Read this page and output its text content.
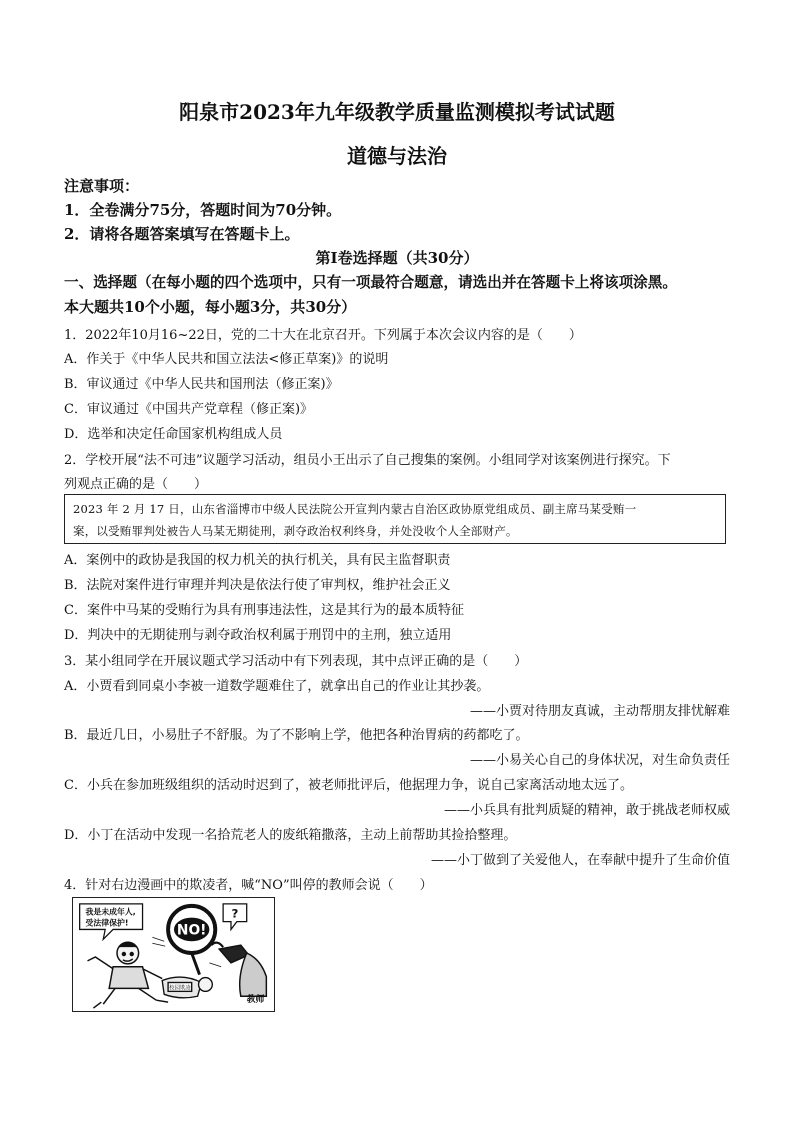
阳泉市2023年九年级教学质量监测模拟考试试题
道德与法治
注意事项：
1．全卷满分75分，答题时间为70分钟。
2．请将各题答案填写在答题卡上。
第Ⅰ卷选择题（共30分）
一、选择题（在每小题的四个选项中，只有一项最符合题意，请选出并在答题卡上将该项涂黑。
本大题共10个小题，每小题3分，共30分）
1．2022年10月16~22日，党的二十大在北京召开。下列属于本次会议内容的是（　　）
A．作关于《中华人民共和国立法法<修正草案)》的说明
B．审议通过《中华人民共和国刑法（修正案)》
C．审议通过《中国共产党章程（修正案)》
D．选举和决定任命国家机构组成人员
2．学校开展“法不可违”议题学习活动，组员小王出示了自己搜集的案例。小组同学对该案例进行探究。下
列观点正确的是（　　）
2023 年 2 月 17 日，山东省淄博市中级人民法院公开宣判内蒙古自治区政协原党组成员、副主席马某受贿一
案，以受贿罪判处被告人马某无期徒刑，剥夺政治权利终身，并处没收个人全部财产。
A．案例中的政协是我国的权力机关的执行机关，具有民主监督职责
B．法院对案件进行审理并判决是依法行使了审判权，维护社会正义
C．案件中马某的受贿行为具有刑事违法性，这是其行为的最本质特征
D．判决中的无期徒刑与剥夺政治权利属于刑罚中的主刑，独立适用
3．某小组同学在开展议题式学习活动中有下列表现，其中点评正确的是（　　）
A．小贾看到同桌小李被一道数学题难住了，就拿出自己的作业让其抄袭。
——小贾对待朋友真诚，主动帮朋友排忧解难
B．最近几日，小易肚子不舒服。为了不影响上学，他把各种治胃病的药都吃了。
——小易关心自己的身体状况，对生命负责任
C．小兵在参加班级组织的活动时迟到了，被老师批评后，他据理力争，说自己家离活动地太远了。
——小兵具有批判质疑的精神，敢于挑战老师权威
D．小丁在活动中发现一名拾荒老人的废纸箱撒落，主动上前帮助其捡拾整理。
——小丁做到了关爱他人，在奉献中提升了生命价值
4．针对右边漫画中的欺凌者，喊“NO”叫停的教师会说（　　）
我是未成年人,
受法律保护!	NO!
?
校园欺凌
教师
